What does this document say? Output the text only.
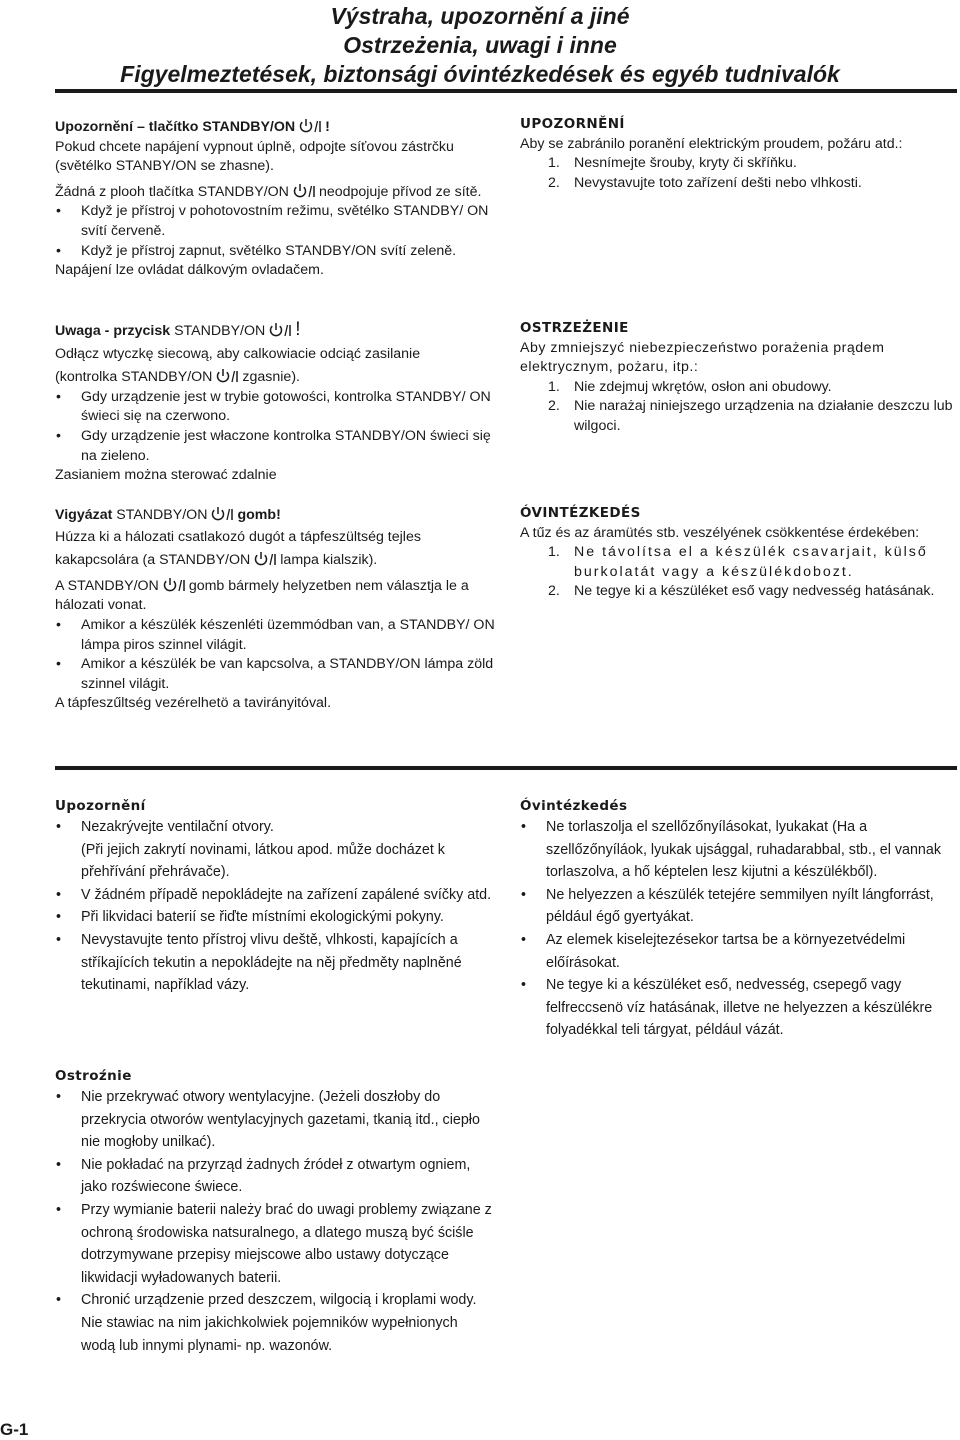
Výstraha, upozornění a jiné
Ostrzeżenia, uwagi i inne
Figyelmeztetések, biztonsági óvintézkedések és egyéb tudnivalók

Upozornění – tlačítko STANDBY/ON !

Pokud chcete napájení vypnout úplně, odpojte síťovou zástrčku (světélko STANBY/ON se zhasne).

Žádná z plooh tlačítka STANDBY/ON neodpojuje přívod ze sítě.

• Když je přístroj v pohotovostním režimu, světélko STANDBY/ ON svítí červeně.

• Když je přístroj zapnut, světélko STANDBY/ON svítí zeleně.

Napájení lze ovládat dálkovým ovladačem.

Uwaga - przycisk STANDBY/ON !

Odłącz wtyczkę siecową, aby calkowiacie odciąć zasilanie

(kontrolka STANDBY/ON zgasnie).

• Gdy urządzenie jest w trybie gotowości, kontrolka STANDBY/ ON świeci się na czerwono.

• Gdy urządzenie jest właczone kontrolka STANDBY/ON świeci się na zieleno.

Zasianiem można sterować zdalnie

Vigyázat STANDBY/ON gomb!

Húzza ki a hálozati csatlakozó dugót a tápfeszültség tejles

kakapcsolára (a STANDBY/ON lampa kialszik).

A STANDBY/ON gomb bármely helyzetben nem választja le a hálozati vonat.

• Amikor a készülék készenléti üzemmódban van, a STANDBY/ ON lámpa piros szinnel világit.

• Amikor a készülék be van kapcsolva, a STANDBY/ON lámpa zöld szinnel világit.

A tápfeszűltség vezérelhetö a tavirányitóval.

UPOZORNĚNÍ

Aby se zabránilo poranění elektrickým proudem, požáru atd.:

1. Nesnímejte šrouby, kryty či skříňku.

2. Nevystavujte toto zařízení dešti nebo vlhkosti.

OSTRZEŻENIE

Aby zmniejszyć niebezpieczeństwo porażenia prądem elektrycznym, pożaru, itp.:

1. Nie zdejmuj wkrętów, osłon ani obudowy.

2. Nie narażaj niniejszego urządzenia na działanie deszczu lub wilgoci.

ÓVINTÉZKEDÉS

A tűz és az áramütés stb. veszélyének csökkentése érdekében:

1. Ne távolítsa el a készülék csavarjait, külső burkolatát vagy a készülékdobozt.

2. Ne tegye ki a készüléket eső vagy nedvesség hatásának.

Upozornění

• Nezakrývejte ventilační otvory.

(Při jejich zakrytí novinami, látkou apod. může docházet k přehřívání přehrávače).

• V žádném případě nepokládejte na zařízení zapálené svíčky atd.

• Při likvidaci baterií se řiďte místními ekologickými pokyny.

• Nevystavujte tento přístroj vlivu deště, vlhkosti, kapajících a stříkajících tekutin a nepokládejte na něj předměty naplněné tekutinami, například vázy.

Ostroźnie

• Nie przekrywać otwory wentylacyjne. (Jeżeli doszłoby do przekrycia otworów wentylacyjnych gazetami, tkanią itd., ciepło nie mogłoby unilkać).

• Nie pokładać na przyrząd żadnych źródeł z otwartym ogniem, jako rozświecone świece.

• Przy wymianie baterii należy brać do uwagi problemy związane z ochroną środowiska natsuralnego, a dlatego muszą być ściśle dotrzymywane przepisy miejscowe albo ustawy dotyczące likwidacji wyładowanych baterii.

• Chronić urządzenie przed deszczem, wilgocią i kroplami wody. Nie stawiac na nim jakichkolwiek pojemników wypełnionych wodą lub innymi plynami- np. wazonów.

Óvintézkedés

• Ne torlaszolja el szellőzőnyílásokat, lyukakat (Ha a szellőzőnyíláok, lyukak ujsággal, ruhadarabbal, stb., el vannak torlaszolva, a hő képtelen lesz kijutni a készülékből).

• Ne helyezzen a készülék tetejére semmilyen nyílt lángforrást, például égő gyertyákat.

• Az elemek kiselejtezésekor tartsa be a környezetvédelmi előírásokat.

• Ne tegye ki a készüléket eső, nedvesség, csepegő vagy felfreccsenö víz hatásának, illetve ne helyezzen a készülékre folyadékkal teli tárgyat, például vázát.

G-1
